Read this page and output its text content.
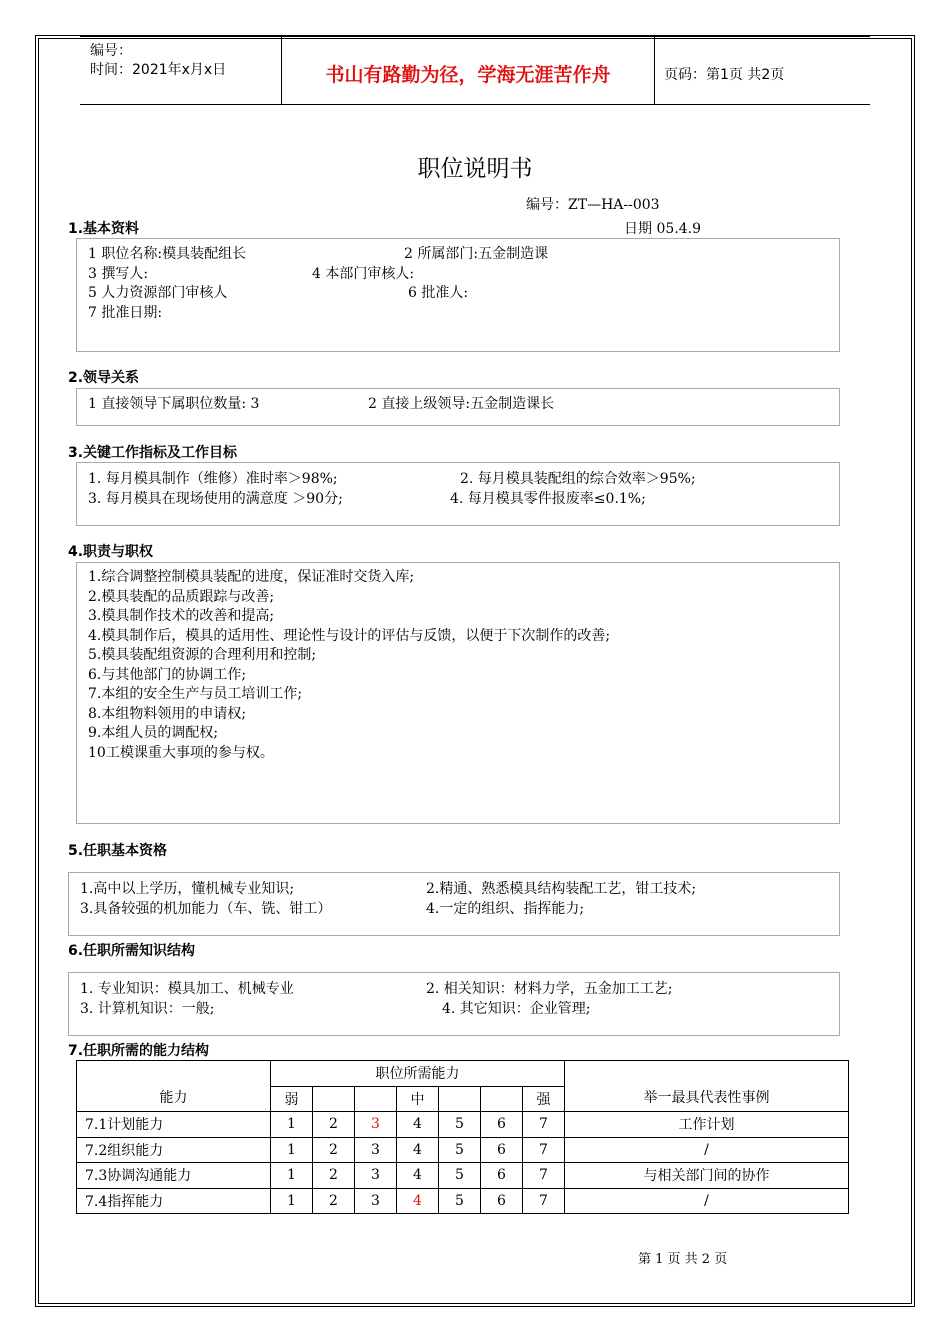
编号：
时间：2021年x月x日	书山有路勤为径，学海无涯苦作舟	页码：第1页 共2页
职位说明书
编号：ZT—HA--003
日期 05.4.9
1.基本资料
1 职位名称:模具装配组长	2 所属部门:五金制造课
3 撰写人:	4 本部门审核人:
5 人力资源部门审核人	6 批准人:
7 批准日期:
2.领导关系
1 直接领导下属职位数量: 3	2 直接上级领导:五金制造课长
3.关键工作指标及工作目标
1. 每月模具制作（维修）准时率＞98%;	2. 每月模具装配组的综合效率＞95%;
3. 每月模具在现场使用的满意度 ＞90分;	4. 每月模具零件报废率≤0.1%;
4.职责与职权
1.综合调整控制模具装配的进度，保证准时交货入库;
2.模具装配的品质跟踪与改善;
3.模具制作技术的改善和提高;
4.模具制作后，模具的适用性、理论性与设计的评估与反馈，以便于下次制作的改善;
5.模具装配组资源的合理利用和控制;
6.与其他部门的协调工作;
7.本组的安全生产与员工培训工作;
8.本组物料领用的申请权;
9.本组人员的调配权;
10工模课重大事项的参与权。
5.任职基本资格
1.高中以上学历，懂机械专业知识;	2.精通、熟悉模具结构装配工艺，钳工技术;
3.具备较强的机加能力（车、铣、钳工）	4.一定的组织、指挥能力;
6.任职所需知识结构
1. 专业知识：模具加工、机械专业	2. 相关知识：材料力学，五金加工工艺;
3. 计算机知识：一般;	4. 其它知识：企业管理;
7.任职所需的能力结构
能力	职位所需能力							举一最具代表性事例
	弱			中			强	
7.1计划能力	1	2	3	4	5	6	7	工作计划
7.2组织能力	1	2	3	4	5	6	7	/
7.3协调沟通能力	1	2	3	4	5	6	7	与相关部门间的协作
7.4指挥能力	1	2	3	4	5	6	7	/
第 1 页 共 2 页
